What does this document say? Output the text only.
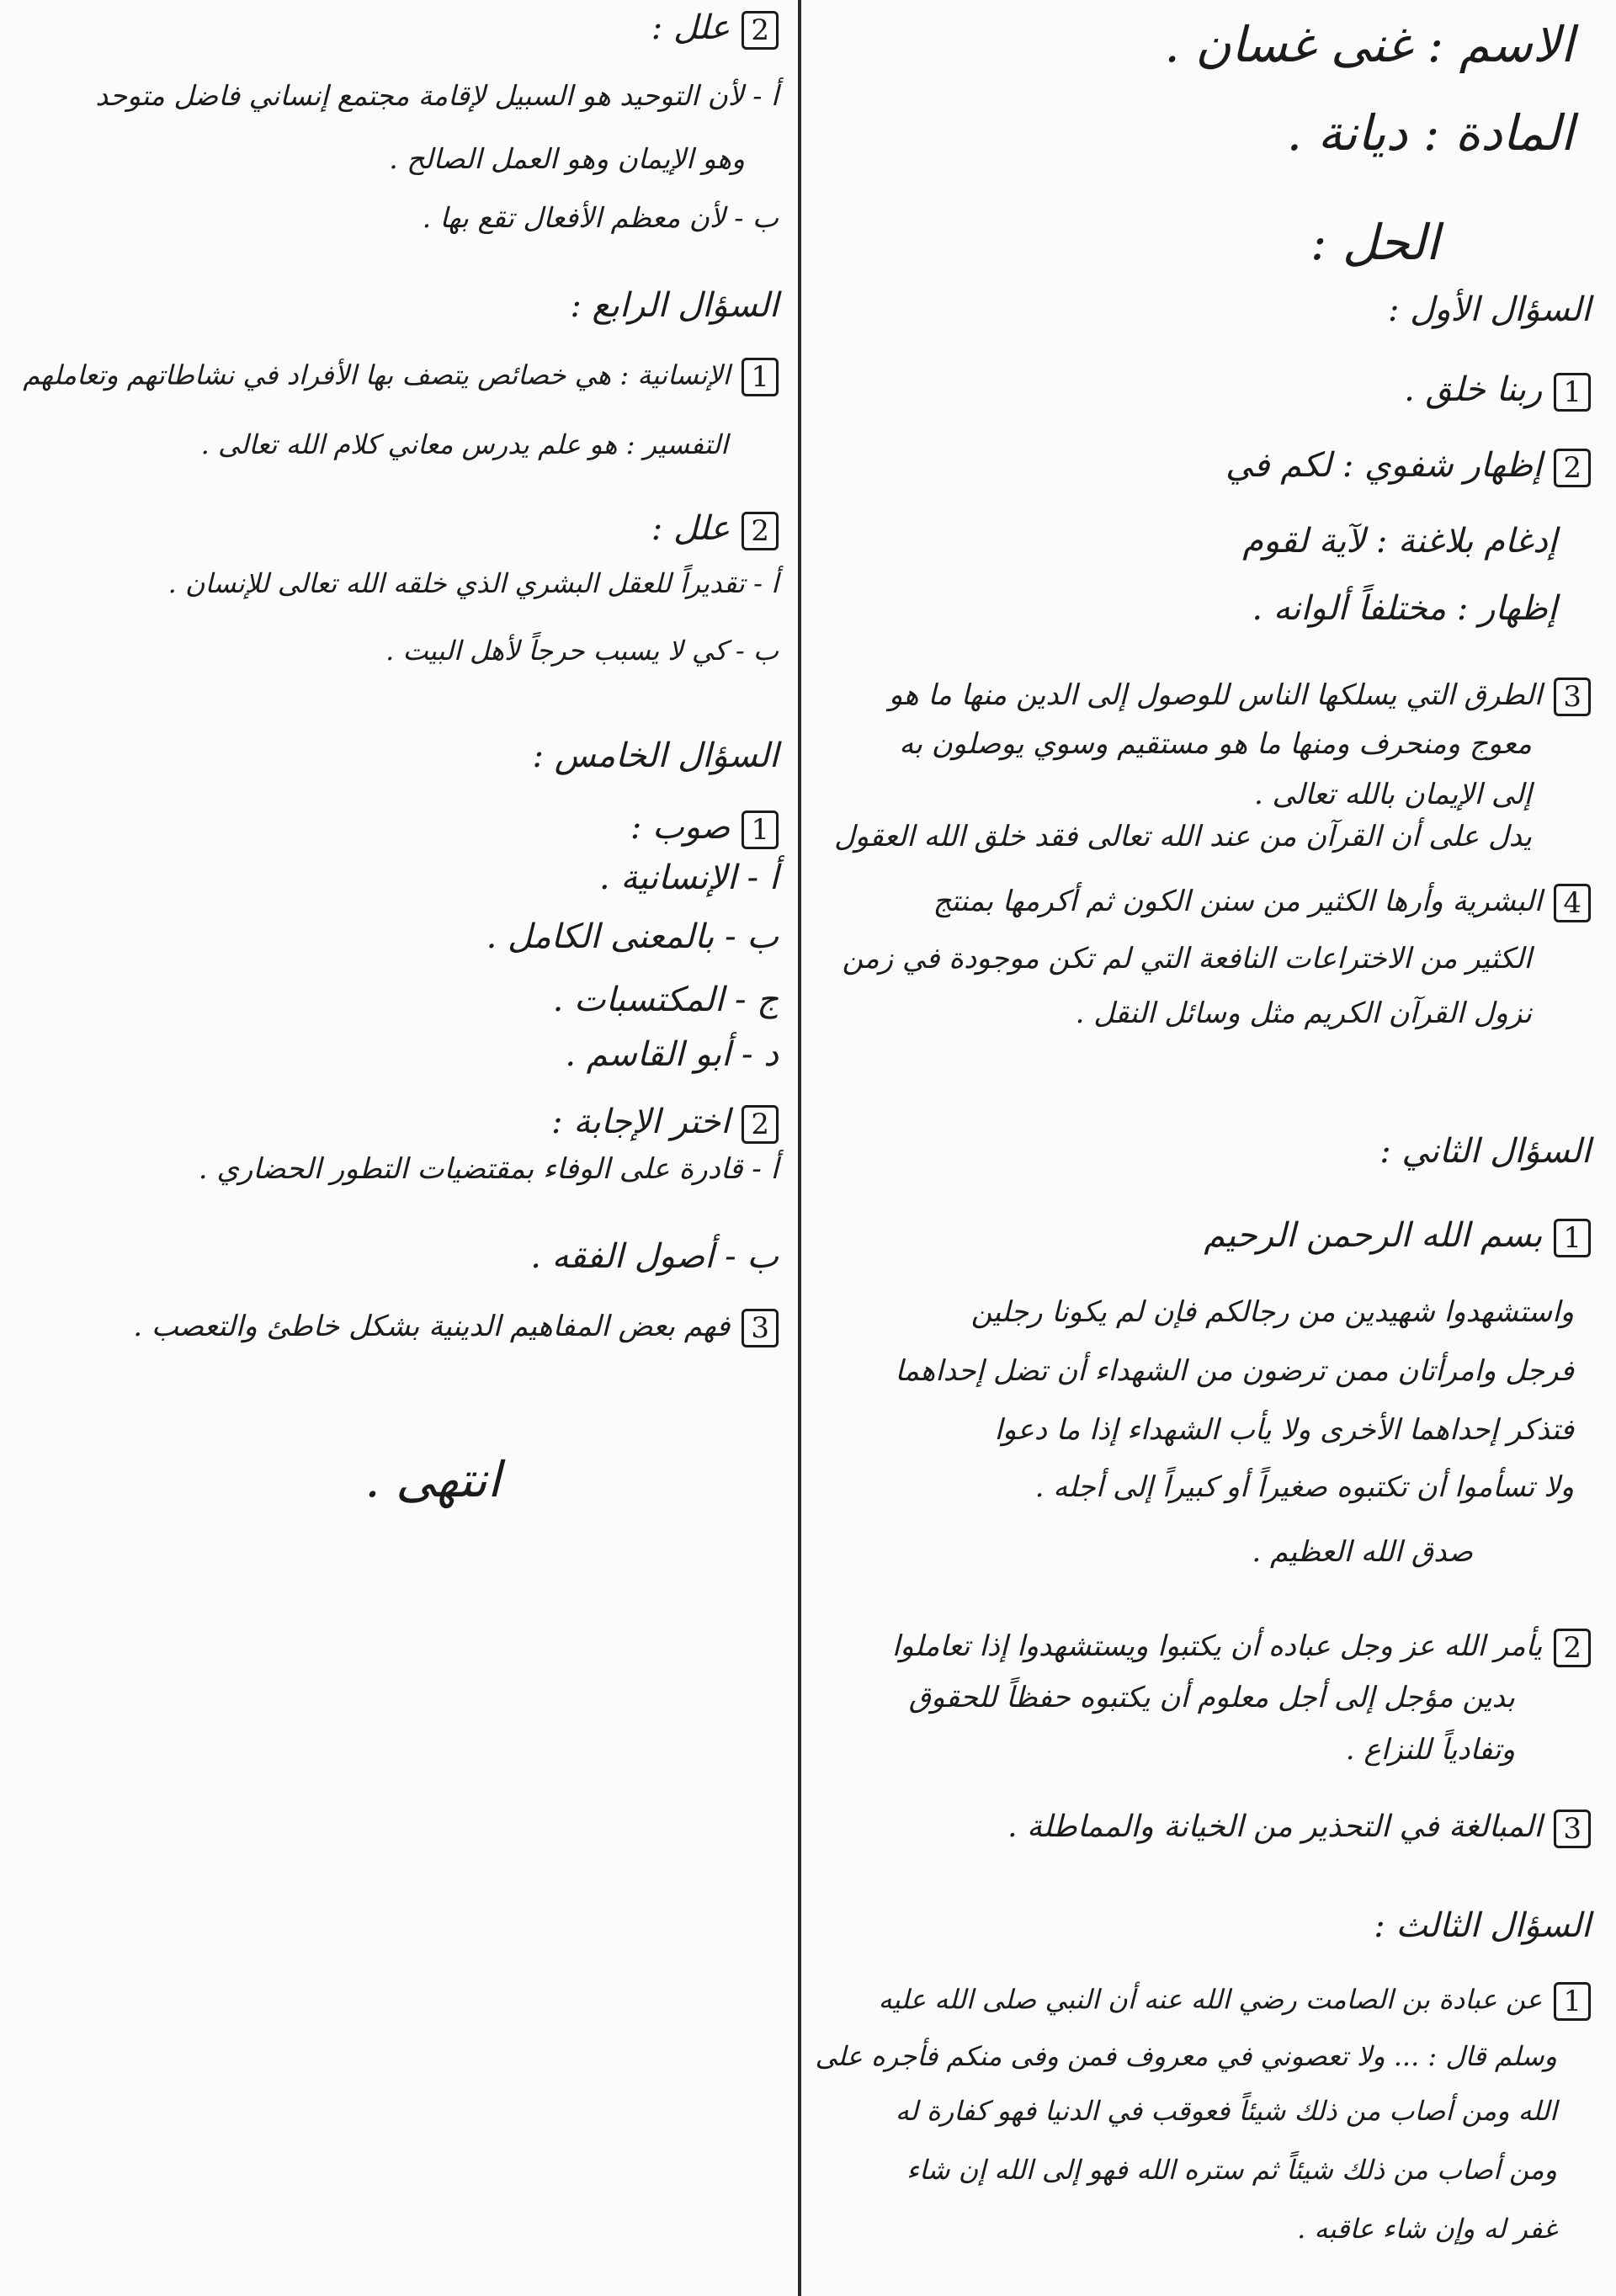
الاسم : غنى غسان .
المادة : ديانة .
الحل :
السؤال الأول :
1ربنا خلق .
2إظهار شفوي : لكم في
إدغام بلاغنة : لآية لقوم
إظهار : مختلفاً ألوانه .
3الطرق التي يسلكها الناس للوصول إلى الدين منها ما هو
معوج ومنحرف ومنها ما هو مستقيم وسوي يوصلون به
إلى الإيمان بالله تعالى .
يدل على أن القرآن من عند الله تعالى فقد خلق الله العقول
4البشرية وأرها الكثير من سنن الكون ثم أكرمها بمنتج
الكثير من الاختراعات النافعة التي لم تكن موجودة في زمن
نزول القرآن الكريم مثل وسائل النقل .
السؤال الثاني :
1بسم الله الرحمن الرحيم
واستشهدوا شهيدين من رجالكم فإن لم يكونا رجلين
فرجل وامرأتان ممن ترضون من الشهداء أن تضل إحداهما
فتذكر إحداهما الأخرى ولا يأب الشهداء إذا ما دعوا
ولا تسأموا أن تكتبوه صغيراً أو كبيراً إلى أجله .
صدق الله العظيم .
2يأمر الله عز وجل عباده أن يكتبوا ويستشهدوا إذا تعاملوا
بدين مؤجل إلى أجل معلوم أن يكتبوه حفظاً للحقوق
وتفادياً للنزاع .
3المبالغة في التحذير من الخيانة والمماطلة .
السؤال الثالث :
1عن عبادة بن الصامت رضي الله عنه أن النبي صلى الله عليه
وسلم قال : ... ولا تعصوني في معروف فمن وفى منكم فأجره على
الله ومن أصاب من ذلك شيئاً فعوقب في الدنيا فهو كفارة له
ومن أصاب من ذلك شيئاً ثم ستره الله فهو إلى الله إن شاء
غفر له وإن شاء عاقبه .
2علل :
أ - لأن التوحيد هو السبيل لإقامة مجتمع إنساني فاضل متوحد
وهو الإيمان وهو العمل الصالح .
ب - لأن معظم الأفعال تقع بها .
السؤال الرابع :
1الإنسانية : هي خصائص يتصف بها الأفراد في نشاطاتهم وتعاملهم
التفسير : هو علم يدرس معاني كلام الله تعالى .
2علل :
أ - تقديراً للعقل البشري الذي خلقه الله تعالى للإنسان .
ب - كي لا يسبب حرجاً لأهل البيت .
السؤال الخامس :
1صوب :
أ - الإنسانية .
ب - بالمعنى الكامل .
ج - المكتسبات .
د - أبو القاسم .
2اختر الإجابة :
أ - قادرة على الوفاء بمقتضيات التطور الحضاري .
ب - أصول الفقه .
3فهم بعض المفاهيم الدينية بشكل خاطئ والتعصب .
انتهى .
